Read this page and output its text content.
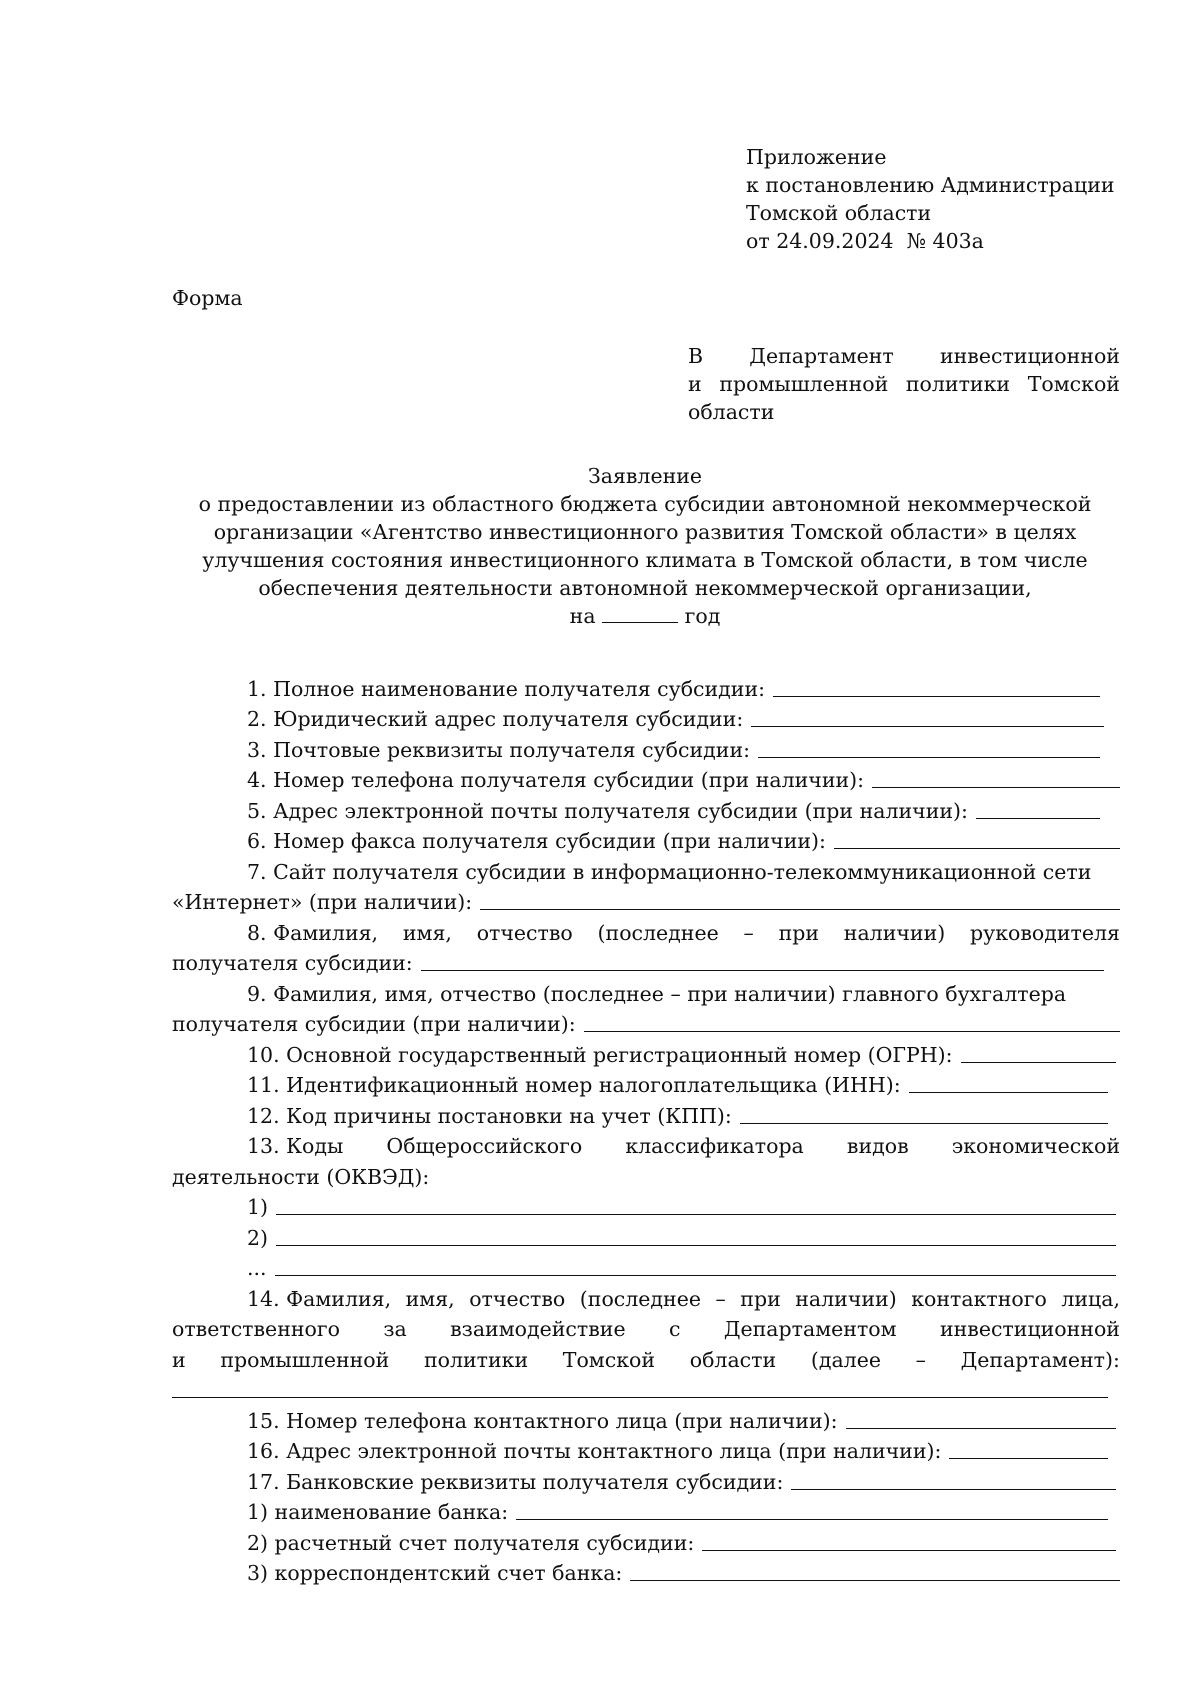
Приложение
к постановлению Администрации
Томской области
от 24.09.2024  № 403а
Форма
В Департамент инвестиционной
и промышленной политики Томской
области
Заявление
о предоставлении из областного бюджета субсидии автономной некоммерческой
организации «Агентство инвестиционного развития Томской области» в целях
улучшения состояния инвестиционного климата в Томской области, в том числе
обеспечения деятельности автономной некоммерческой организации,
на	год
1. Полное наименование получателя субсидии:
2. Юридический адрес получателя субсидии:
3. Почтовые реквизиты получателя субсидии:
4. Номер телефона получателя субсидии (при наличии):
5. Адрес электронной почты получателя субсидии (при наличии):
6. Номер факса получателя субсидии (при наличии):
7. Сайт получателя субсидии в информационно-телекоммуникационной сети
«Интернет» (при наличии):
8. Фамилия, имя, отчество (последнее – при наличии) руководителя
получателя субсидии:
9. Фамилия, имя, отчество (последнее – при наличии) главного бухгалтера
получателя субсидии (при наличии):
10. Основной государственный регистрационный номер (ОГРН):
11. Идентификационный номер налогоплательщика (ИНН):
12. Код причины постановки на учет (КПП):
13. Коды Общероссийского классификатора видов экономической
деятельности (ОКВЭД):
1)
2)
...
14. Фамилия, имя, отчество (последнее – при наличии) контактного лица,
ответственного за взаимодействие с Департаментом инвестиционной
и промышленной политики Томской области (далее – Департамент):
15. Номер телефона контактного лица (при наличии):
16. Адрес электронной почты контактного лица (при наличии):
17. Банковские реквизиты получателя субсидии:
1) наименование банка:
2) расчетный счет получателя субсидии:
3) корреспондентский счет банка:
